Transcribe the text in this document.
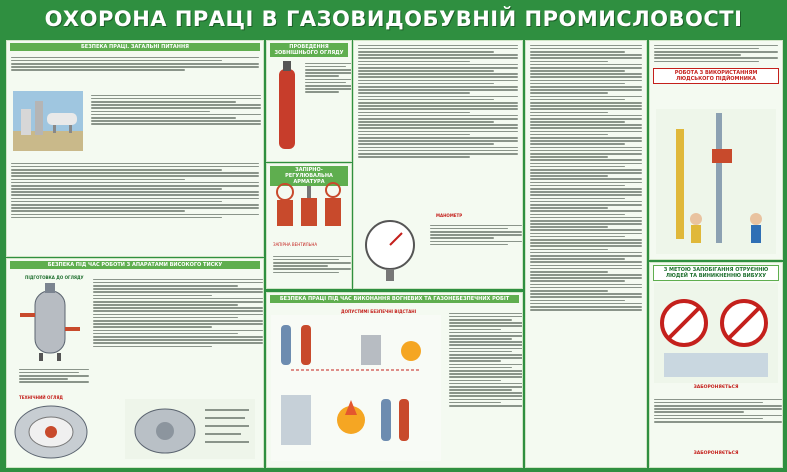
ОХОРОНА ПРАЦІ В ГАЗОВИДОБУВНІЙ ПРОМИСЛОВОСТІ
БЕЗПЕКА ПРАЦІ. ЗАГАЛЬНІ ПИТАННЯ
БЕЗПЕКА ПІД ЧАС РОБОТИ З АПАРАТАМИ ВИСОКОГО ТИСКУ
ПІДГОТОВКА ДО ОГЛЯДУ
ТЕХНІЧНИЙ ОГЛЯД
ПРОВЕДЕННЯ ЗОВНІШНЬОГО ОГЛЯДУ
ЗАПІРНО-РЕГУЛЮВАЛЬНА АРМАТУРА
ЗАПІРНА ВЕНТИЛЬНА
МАНОМЕТР
БЕЗПЕКА ПРАЦІ ПІД ЧАС ВИКОНАННЯ ВОГНЕВИХ ТА ГАЗОНЕБЕЗПЕЧНИХ РОБІТ
ДОПУСТИМІ БЕЗПЕЧНІ ВІДСТАНІ
РОБОТА З ВИКОРИСТАННЯМ ЛЮДСЬКОГО ПІДЙОМНИКА
З МЕТОЮ ЗАПОБІГАННЯ ОТРУЄННЮ ЛЮДЕЙ ТА ВИНИКНЕННЮ ВИБУХУ
ЗАБОРОНЯЄТЬСЯ
ЗАБОРОНЯЄТЬСЯ
